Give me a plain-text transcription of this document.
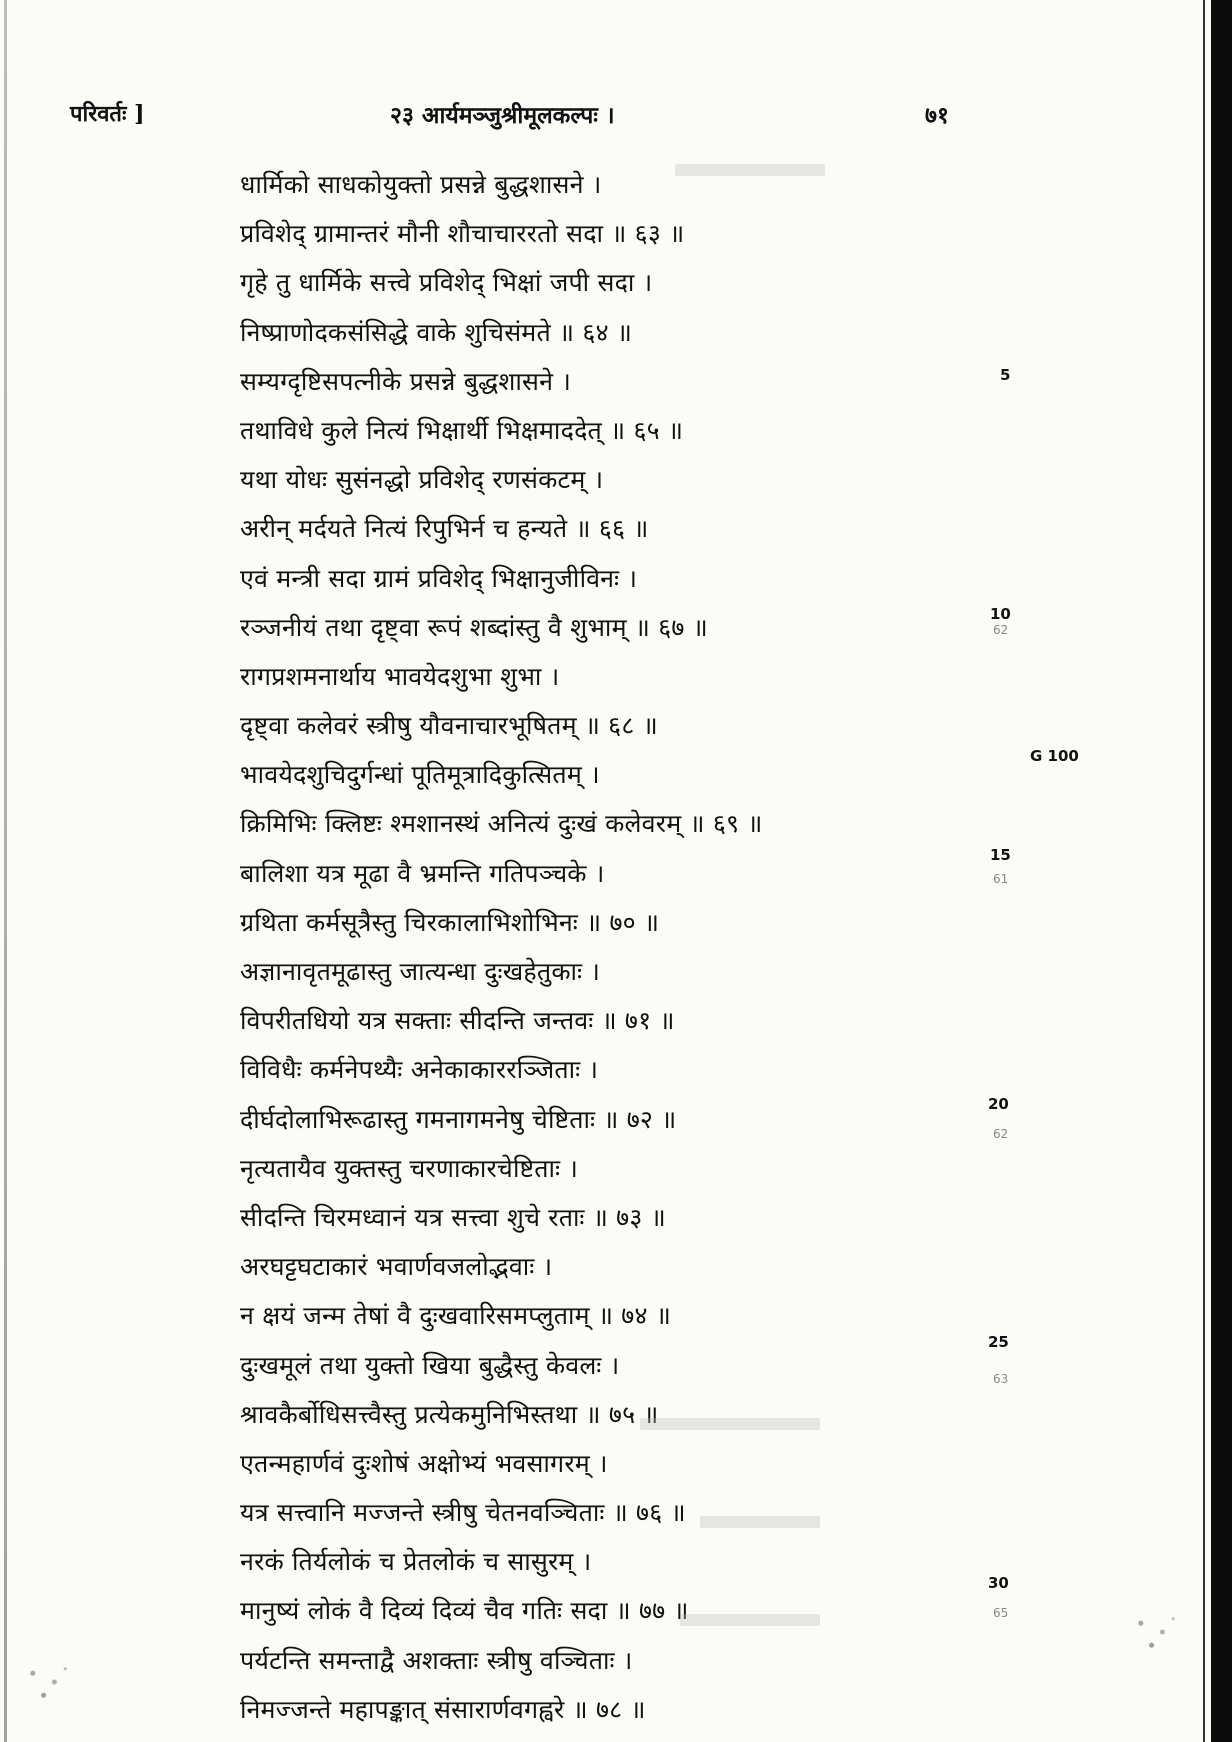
परिवर्तः ]	२३ आर्यमञ्जुश्रीमूलकल्पः ।	७१
धार्मिको साधकोयुक्तो प्रसन्ने बुद्धशासने ।
प्रविशेद् ग्रामान्तरं मौनी शौचाचाररतो सदा ॥ ६३ ॥
गृहे तु धार्मिके सत्त्वे प्रविशेद् भिक्षां जपी सदा ।
निष्प्राणोदकसंसिद्धे वाके शुचिसंमते ॥ ६४ ॥
सम्यग्दृष्टिसपत्नीके प्रसन्ने बुद्धशासने ।
तथाविधे कुले नित्यं भिक्षार्थी भिक्षमाददेत् ॥ ६५ ॥
यथा योधः सुसंनद्धो प्रविशेद् रणसंकटम् ।
अरीन् मर्दयते नित्यं रिपुभिर्न च हन्यते ॥ ६६ ॥
एवं मन्त्री सदा ग्रामं प्रविशेद् भिक्षानुजीविनः ।
रञ्जनीयं तथा दृष्ट्वा रूपं शब्दांस्तु वै शुभाम् ॥ ६७ ॥
रागप्रशमनार्थाय भावयेदशुभा शुभा ।
दृष्ट्वा कलेवरं स्त्रीषु यौवनाचारभूषितम् ॥ ६८ ॥
भावयेदशुचिदुर्गन्धां पूतिमूत्रादिकुत्सितम् ।
क्रिमिभिः क्लिष्टः श्मशानस्थं अनित्यं दुःखं कलेवरम् ॥ ६९ ॥
बालिशा यत्र मूढा वै भ्रमन्ति गतिपञ्चके ।
ग्रथिता कर्मसूत्रैस्तु चिरकालाभिशोभिनः ॥ ७० ॥
अज्ञानावृतमूढास्तु जात्यन्धा दुःखहेतुकाः ।
विपरीतधियो यत्र सक्ताः सीदन्ति जन्तवः ॥ ७१ ॥
विविधैः कर्मनेपथ्यैः अनेकाकाररञ्जिताः ।
दीर्घदोलाभिरूढास्तु गमनागमनेषु चेष्टिताः ॥ ७२ ॥
नृत्यतायैव युक्तस्तु चरणाकारचेष्टिताः ।
सीदन्ति चिरमध्वानं यत्र सत्त्वा शुचे रताः ॥ ७३ ॥
अरघट्टघटाकारं भवार्णवजलोद्भवाः ।
न क्षयं जन्म तेषां वै दुःखवारिसमप्लुताम् ॥ ७४ ॥
दुःखमूलं तथा युक्तो खिया बुद्धैस्तु केवलः ।
श्रावकैर्बोधिसत्त्वैस्तु प्रत्येकमुनिभिस्तथा ॥ ७५ ॥
एतन्महार्णवं दुःशोषं अक्षोभ्यं भवसागरम् ।
यत्र सत्त्वानि मज्जन्ते स्त्रीषु चेतनवञ्चिताः ॥ ७६ ॥
नरकं तिर्यलोकं च प्रेतलोकं च सासुरम् ।
मानुष्यं लोकं वै दिव्यं दिव्यं चैव गतिः सदा ॥ ७७ ॥
पर्यटन्ति समन्ताद्वै अशक्ताः स्त्रीषु वञ्चिताः ।
निमज्जन्ते महापङ्कात् संसारार्णवगह्वरे ॥ ७८ ॥
5
10
G 100
15
20
25
30
62
61
62
63
65
